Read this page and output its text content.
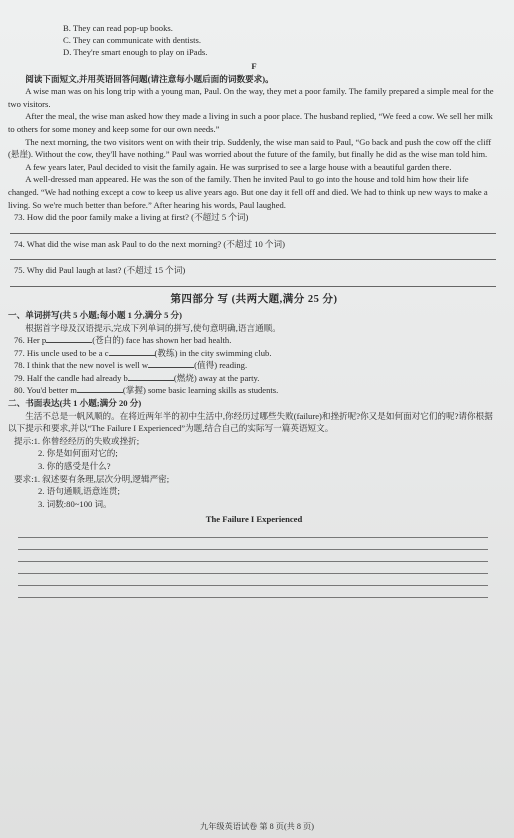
B. They can read pop-up books.

C. They can communicate with dentists.

D. They're smart enough to play on iPads.

F

阅读下面短文,并用英语回答问题(请注意每小题后面的词数要求)。

A wise man was on his long trip with a young man, Paul. On the way, they met a poor family. The family prepared a simple meal for the two visitors.

After the meal, the wise man asked how they made a living in such a poor place. The husband replied, “We feed a cow. We sell her milk to others for some money and keep some for our own needs.”

The next morning, the two visitors went on with their trip. Suddenly, the wise man said to Paul, “Go back and push the cow off the cliff (悬崖). Without the cow, they'll have nothing.” Paul was worried about the future of the family, but finally he did as the wise man told him.

A few years later, Paul decided to visit the family again. He was surprised to see a large house with a beautiful garden there.

A well-dressed man appeared. He was the son of the family. Then he invited Paul to go into the house and told him how their life changed. “We had nothing except a cow to keep us alive years ago. But one day it fell off and died. We had to think up new ways to make a living. So we're much better than before.” After hearing his words, Paul laughed.

73. How did the poor family make a living at first? (不超过 5 个词)

74. What did the wise man ask Paul to do the next morning? (不超过 10 个词)

75. Why did Paul laugh at last? (不超过 15 个词)

第四部分 写 (共两大题,满分 25 分)

一、单词拼写(共 5 小题;每小题 1 分,满分 5 分)

根据首字母及汉语提示,完成下列单词的拼写,使句意明确,语言通顺。

76. Her p	(苍白的) face has shown her bad health.

77. His uncle used to be a c	(教练) in the city swimming club.

78. I think that the new novel is well w	(值得) reading.

79. Half the candle had already b	(燃烧) away at the party.

80. You'd better m	(掌握) some basic learning skills as students.

二、书面表达(共 1 小题;满分 20 分)

生活不总是一帆风顺的。在将近两年半的初中生活中,你经历过哪些失败(failure)和挫折呢?你又是如何面对它们的呢?请你根据以下提示和要求,并以“The Failure I Experienced”为题,结合自己的实际写一篇英语短文。

提示:1. 你曾经经历的失败或挫折;

2. 你是如何面对它的;

3. 你的感受是什么?

要求:1. 叙述要有条理,层次分明,逻辑严密;

2. 语句通顺,语意连贯;

3. 词数:80~100 词。

The Failure I Experienced
九年级英语试卷 第 8 页(共 8 页)
